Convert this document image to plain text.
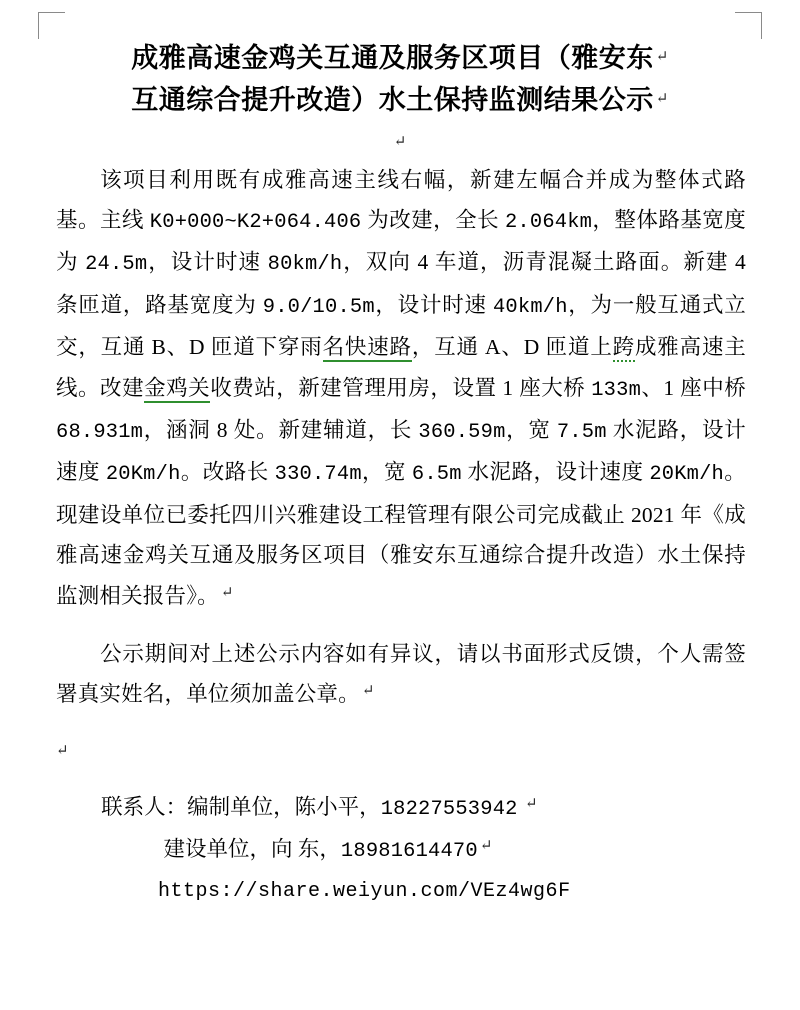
成雅高速金鸡关互通及服务区项目（雅安东 ↵
互通综合提升改造）水土保持监测结果公示 ↵
↵

该项目利用既有成雅高速主线右幅，新建左幅合并成为整体式路基。主线 K0+000~K2+064.406 为改建，全长 2.064km，整体路基宽度为 24.5m，设计时速 80km/h，双向 4 车道，沥青混凝土路面。新建 4 条匝道，路基宽度为 9.0/10.5m，设计时速 40km/h，为一般互通式立交，互通 B、D 匝道下穿雨名快速路，互通 A、D 匝道上跨成雅高速主线。改建金鸡关收费站，新建管理用房，设置 1 座大桥 133m、1 座中桥 68.931m，涵洞 8 处。新建辅道，长 360.59m，宽 7.5m 水泥路，设计速度 20Km/h。改路长 330.74m，宽 6.5m 水泥路，设计速度 20Km/h。现建设单位已委托四川兴雅建设工程管理有限公司完成截止 2021 年《成雅高速金鸡关互通及服务区项目（雅安东互通综合提升改造）水土保持监测相关报告》。 ↵

公示期间对上述公示内容如有异议，请以书面形式反馈，个人需签署真实姓名，单位须加盖公章。 ↵

↵
联系人：编制单位，陈小平，18227553942 ↵
建设单位，向 东，18981614470 ↵
https://share.weiyun.com/VEz4wg6F
